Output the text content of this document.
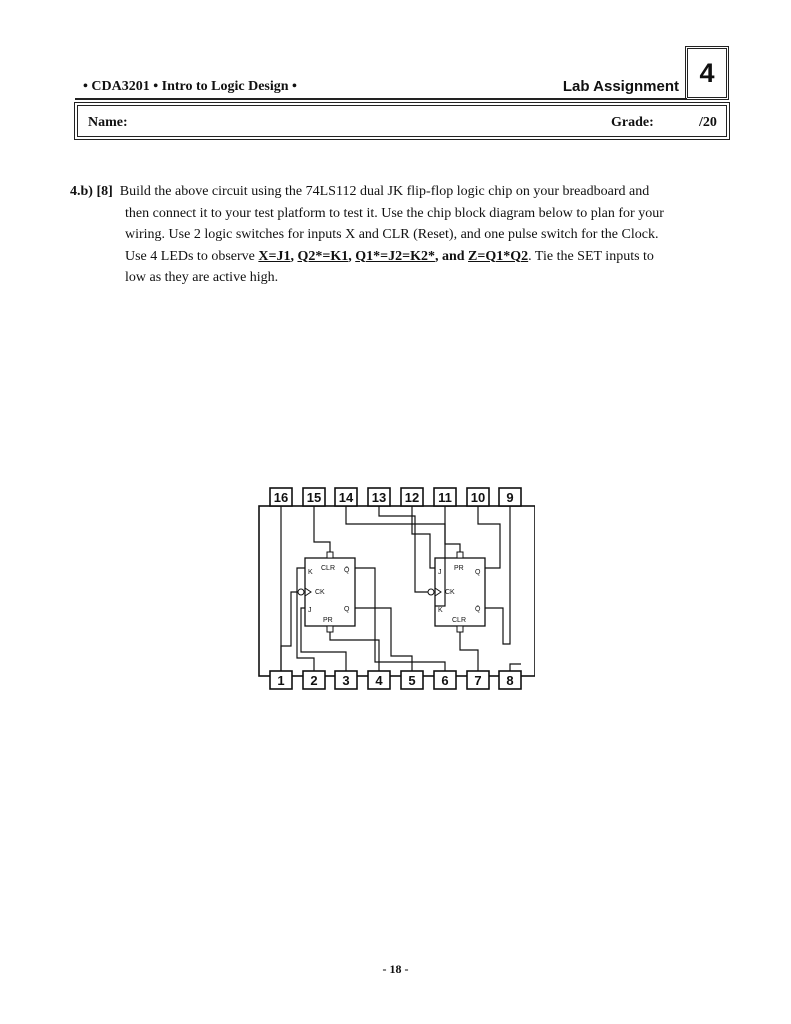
• CDA3201 • Intro to Logic Design •	Lab Assignment 4
Name:	Grade:	/20
4.b) [8] Build the above circuit using the 74LS112 dual JK flip-flop logic chip on your breadboard and
then connect it to your test platform to test it. Use the chip block diagram below to plan for your
wiring. Use 2 logic switches for inputs X and CLR (Reset), and one pulse switch for the Clock.
Use 4 LEDs to observe X=J1, Q2*=K1, Q1*=J2=K2*, and Z=Q1*Q2. Tie the SET inputs to
low as they are active high.
16 15 14 13 12 11 10 9
1 2 3 4 5 6 7 8
K
CLR Q̄
CK
J	Q
PR
J
PR
Q
CK
K	Q̄
CLR
- 18 -
